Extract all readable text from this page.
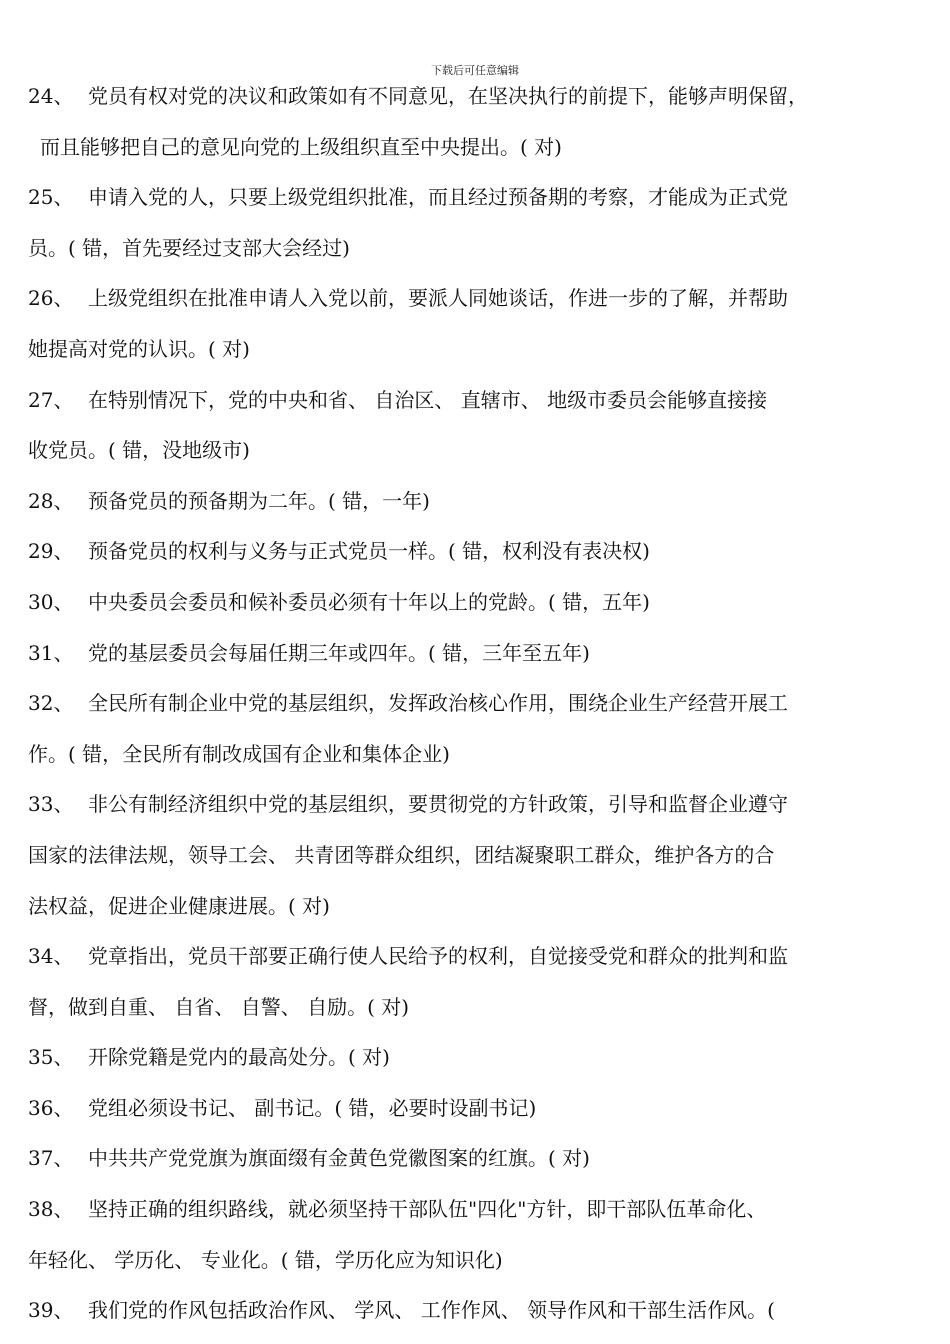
下载后可任意编辑
24、 党员有权对党的决议和政策如有不同意见，在坚决执行的前提下，能够声明保留，
而且能够把自己的意见向党的上级组织直至中央提出。( 对)
25、 申请入党的人，只要上级党组织批准，而且经过预备期的考察，才能成为正式党
员。( 错，首先要经过支部大会经过)
26、 上级党组织在批准申请人入党以前，要派人同她谈话，作进一步的了解，并帮助
她提高对党的认识。( 对)
27、 在特别情况下，党的中央和省、 自治区、 直辖市、 地级市委员会能够直接接
收党员。( 错，没地级市)
28、 预备党员的预备期为二年。( 错，一年)
29、 预备党员的权利与义务与正式党员一样。( 错，权利没有表决权)
30、 中央委员会委员和候补委员必须有十年以上的党龄。( 错，五年)
31、 党的基层委员会每届任期三年或四年。( 错，三年至五年)
32、 全民所有制企业中党的基层组织，发挥政治核心作用，围绕企业生产经营开展工
作。( 错，全民所有制改成国有企业和集体企业)
33、 非公有制经济组织中党的基层组织，要贯彻党的方针政策，引导和监督企业遵守
国家的法律法规，领导工会、 共青团等群众组织，团结凝聚职工群众，维护各方的合
法权益，促进企业健康进展。( 对)
34、 党章指出，党员干部要正确行使人民给予的权利，自觉接受党和群众的批判和监
督，做到自重、 自省、 自警、 自励。( 对)
35、 开除党籍是党内的最高处分。( 对)
36、 党组必须设书记、 副书记。( 错，必要时设副书记)
37、 中共共产党党旗为旗面缀有金黄色党徽图案的红旗。( 对)
38、 坚持正确的组织路线，就必须坚持干部队伍"四化"方针，即干部队伍革命化、
年轻化、 学历化、 专业化。( 错，学历化应为知识化)
39、 我们党的作风包括政治作风、 学风、 工作作风、 领导作风和干部生活作风。(
